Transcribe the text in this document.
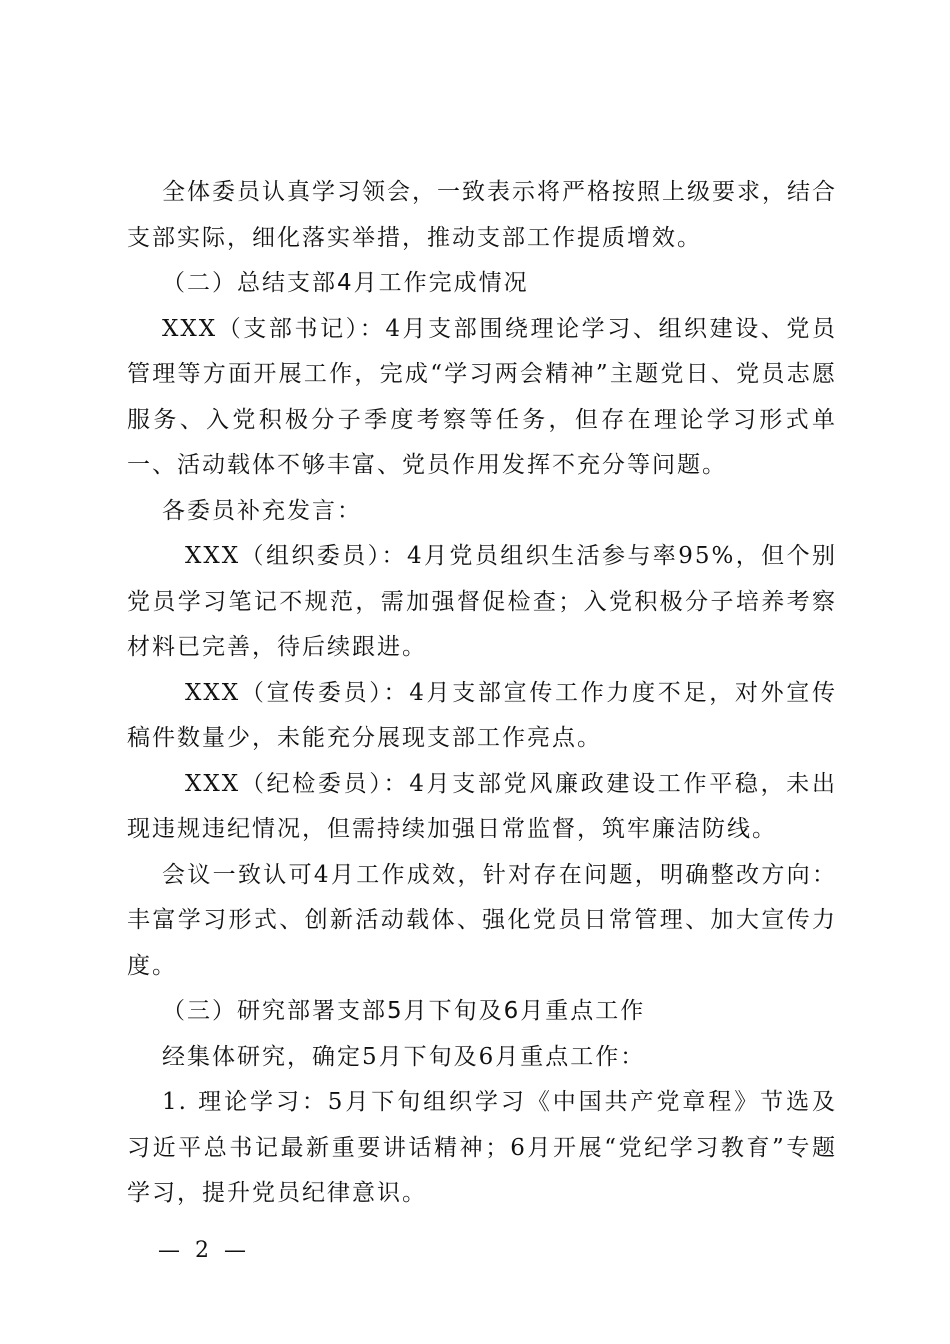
全体委员认真学习领会，一致表示将严格按照上级要求，结合支部实际，细化落实举措，推动支部工作提质增效。

（二）总结支部4月工作完成情况

XXX（支部书记）：4月支部围绕理论学习、组织建设、党员管理等方面开展工作，完成“学习两会精神”主题党日、党员志愿服务、入党积极分子季度考察等任务，但存在理论学习形式单一、活动载体不够丰富、党员作用发挥不充分等问题。

各委员补充发言：

XXX（组织委员）：4月党员组织生活参与率95%，但个别党员学习笔记不规范，需加强督促检查；入党积极分子培养考察材料已完善，待后续跟进。

XXX（宣传委员）：4月支部宣传工作力度不足，对外宣传稿件数量少，未能充分展现支部工作亮点。

XXX（纪检委员）：4月支部党风廉政建设工作平稳，未出现违规违纪情况，但需持续加强日常监督，筑牢廉洁防线。

会议一致认可4月工作成效，针对存在问题，明确整改方向：丰富学习形式、创新活动载体、强化党员日常管理、加大宣传力度。

（三）研究部署支部5月下旬及6月重点工作

经集体研究，确定5月下旬及6月重点工作：

1. 理论学习：5月下旬组织学习《中国共产党章程》节选及习近平总书记最新重要讲话精神；6月开展“党纪学习教育”专题学习，提升党员纪律意识。

— 2 —
